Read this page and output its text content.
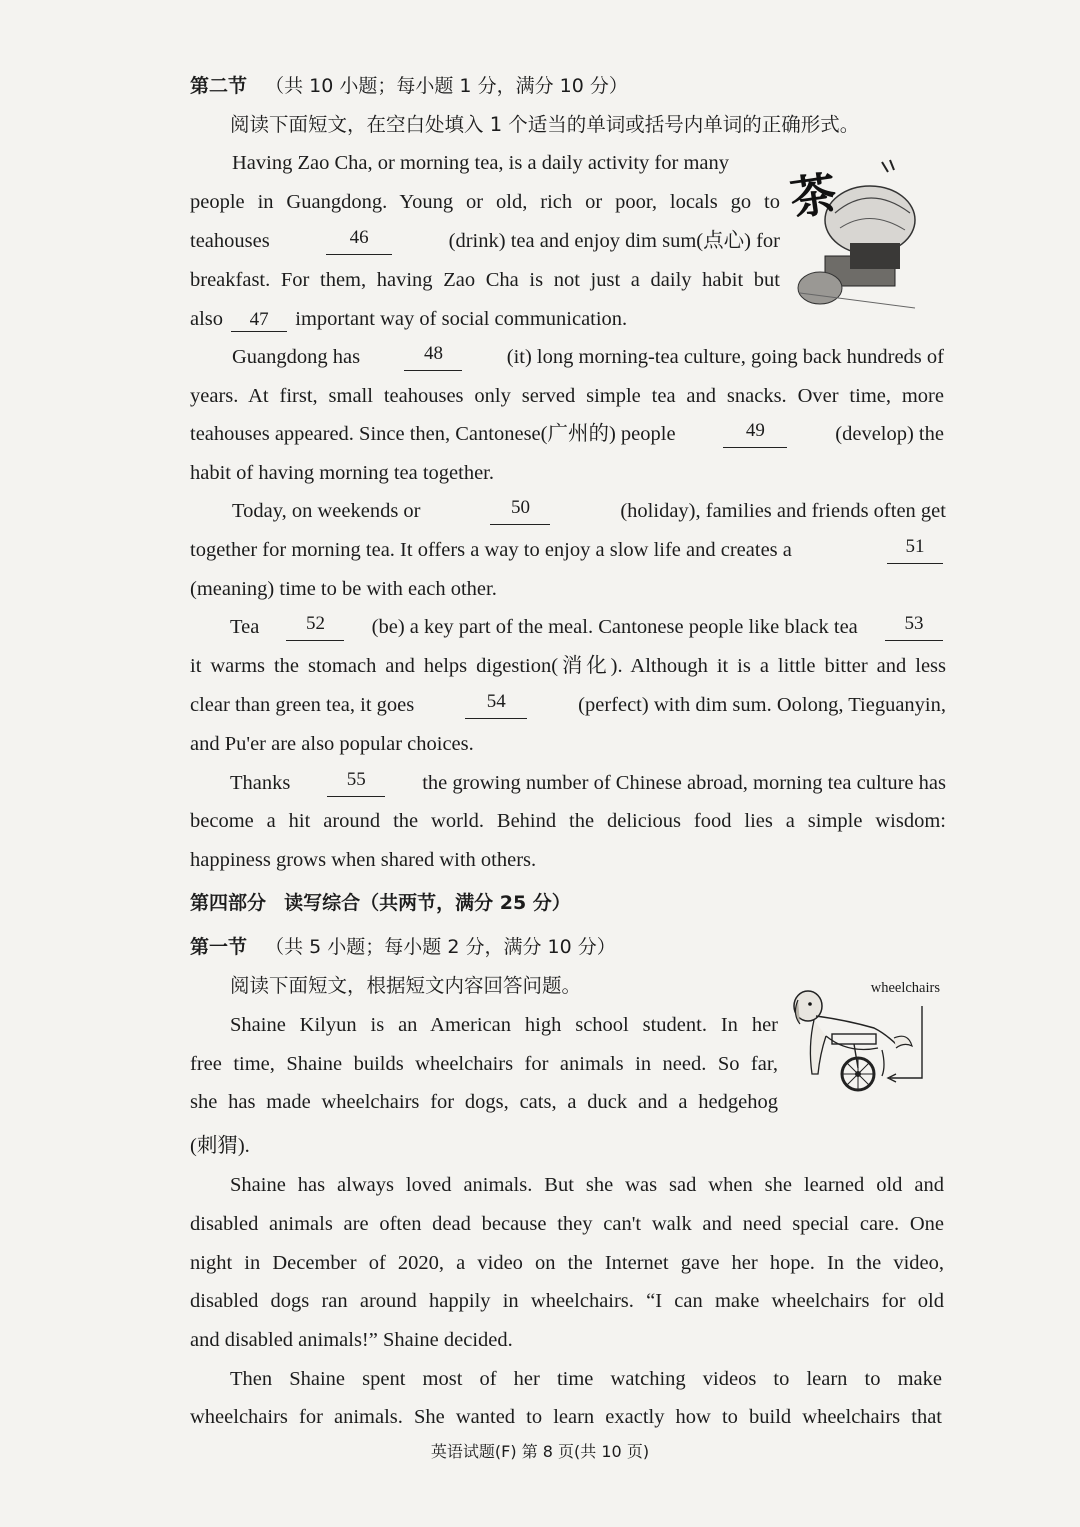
第二节 （共 10 小题；每小题 1 分，满分 10 分）
阅读下面短文，在空白处填入 1 个适当的单词或括号内单词的正确形式。
Having Zao Cha, or morning tea, is a daily activity for many
people in Guangdong. Young or old, rich or poor, locals go to
teahouses	46	(drink) tea and enjoy dim sum(点心) for
breakfast. For them, having Zao Cha is not just a daily habit but
also 47 important way of social communication.
Guangdong has	48	(it) long morning-tea culture, going back hundreds of
years. At first, small teahouses only served simple tea and snacks. Over time, more
teahouses appeared. Since then, Cantonese(广州的) people	49	(develop) the
habit of having morning tea together.
Today, on weekends or	50	(holiday), families and friends often get
together for morning tea. It offers a way to enjoy a slow life and creates a	51
(meaning) time to be with each other.
Tea	52	(be) a key part of the meal. Cantonese people like black tea	53
it warms the stomach and helps digestion(消化). Although it is a little bitter and less
clear than green tea, it goes	54	(perfect) with dim sum. Oolong, Tieguanyin,
and Pu'er are also popular choices.
Thanks	55	the growing number of Chinese abroad, morning tea culture has
become a hit around the world. Behind the delicious food lies a simple wisdom:
happiness grows when shared with others.
第四部分 读写综合（共两节，满分 25 分）
第一节 （共 5 小题；每小题 2 分，满分 10 分）
阅读下面短文，根据短文内容回答问题。
Shaine Kilyun is an American high school student. In her
free time, Shaine builds wheelchairs for animals in need. So far,
she has made wheelchairs for dogs, cats, a duck and a hedgehog
(刺猬).
Shaine has always loved animals. But she was sad when she learned old and
disabled animals are often dead because they can't walk and need special care. One
night in December of 2020, a video on the Internet gave her hope. In the video,
disabled dogs ran around happily in wheelchairs. “I can make wheelchairs for old
and disabled animals!” Shaine decided.
Then Shaine spent most of her time watching videos to learn to make
wheelchairs for animals. She wanted to learn exactly how to build wheelchairs that
茶
wheelchairs
英语试题(F) 第 8 页(共 10 页)
